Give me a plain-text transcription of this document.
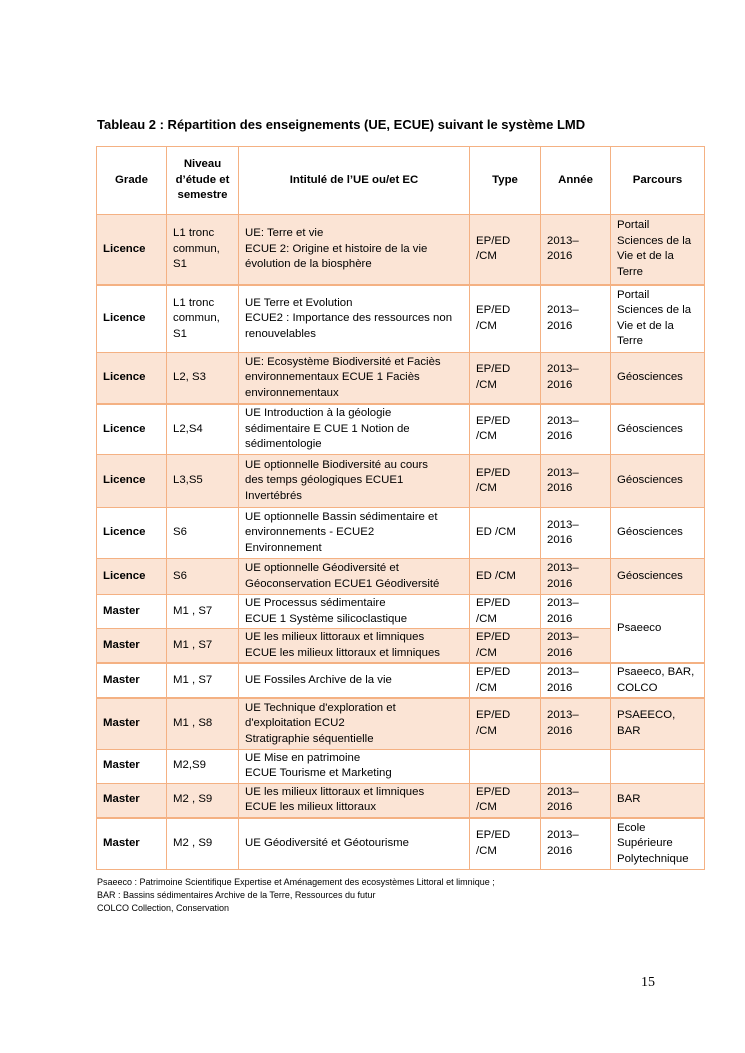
Tableau 2 : Répartition des enseignements (UE, ECUE) suivant le système LMD
Grade	Niveau d’étude et semestre	Intitulé de l’UE ou/et EC	Type	Année	Parcours
Licence	L1 tronc
commun,
S1	UE: Terre et vie
ECUE 2: Origine et histoire de la vie
évolution de la biosphère	EP/ED
/CM	2013–
2016	Portail
Sciences de la
Vie et de la
Terre

Licence	L1 tronc
commun,
S1	UE Terre et Evolution
ECUE2 : Importance des ressources non
renouvelables	EP/ED
/CM	2013–
2016	Portail
Sciences de la
Vie et de la
Terre

Licence	L2, S3	UE: Ecosystème Biodiversité et Faciès
environnementaux ECUE 1 Faciès
environnementaux	EP/ED
/CM	2013–
2016	Géosciences

Licence	L2,S4	UE Introduction à la géologie
sédimentaire E CUE 1 Notion de
sédimentologie	EP/ED
/CM	2013–
2016	Géosciences

Licence	L3,S5	UE optionnelle Biodiversité au cours
des temps géologiques ECUE1
Invertébrés	EP/ED
/CM	2013–
2016	Géosciences

Licence	S6	UE optionnelle Bassin sédimentaire et
environnements - ECUE2
Environnement	ED /CM	2013–
2016	Géosciences

Licence	S6	UE optionnelle Géodiversité et
Géoconservation ECUE1 Géodiversité	ED /CM	2013–
2016	Géosciences

Master	M1 , S7	UE Processus sédimentaire
ECUE 1 Système silicoclastique	EP/ED
/CM	2013–
2016	Psaeeco

Master	M1 , S7	UE les milieux littoraux et limniques
ECUE les milieux littoraux et limniques	EP/ED
/CM	2013–
2016	

Master	M1 , S7	UE Fossiles Archive de la vie	EP/ED
/CM	2013–
2016	Psaeeco, BAR,
COLCO

Master	M1 , S8	UE Technique d'exploration et
d'exploitation ECU2
Stratigraphie séquentielle	EP/ED
/CM	2013–
2016	PSAEECO,
BAR

Master	M2,S9	UE Mise en patrimoine
ECUE Tourisme et Marketing			

Master	M2 , S9	UE les milieux littoraux et limniques
ECUE les milieux littoraux	EP/ED
/CM	2013–
2016	BAR

Master	M2 , S9	UE Géodiversité et Géotourisme	EP/ED
/CM	2013–
2016	Ecole
Supérieure
Polytechnique
Psaeeco : Patrimoine Scientifique Expertise et Aménagement des ecosystèmes Littoral et limnique ;
BAR : Bassins sédimentaires Archive de la Terre, Ressources du futur
COLCO Collection, Conservation
15
